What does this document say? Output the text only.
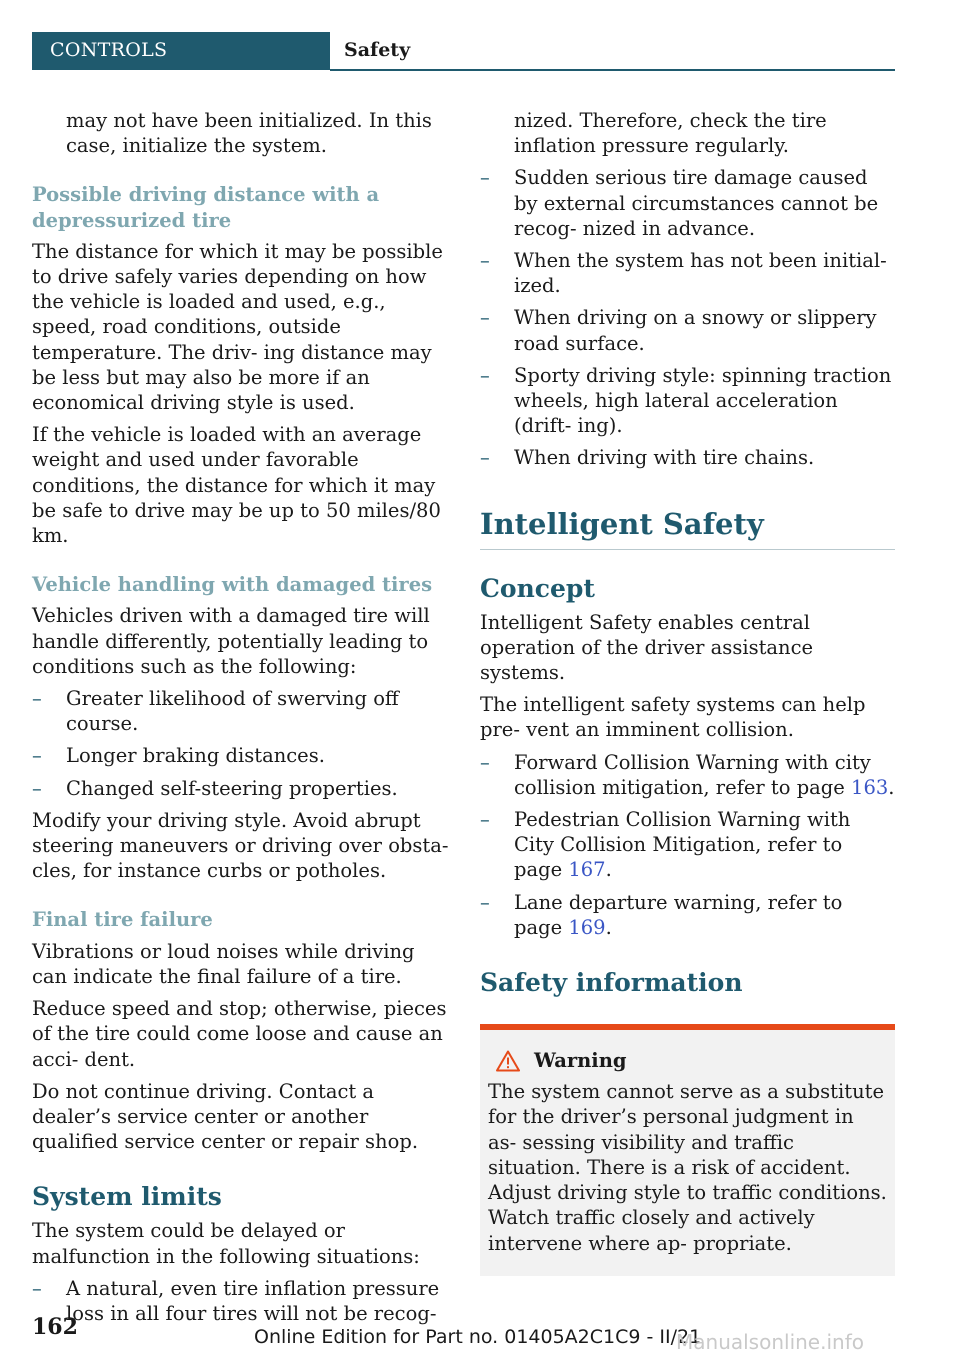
CONTROLS	Safety

may not have been initialized. In this case, initialize the system.

Possible driving distance with a depressurized tire

The distance for which it may be possible to drive safely varies depending on how the vehicle is loaded and used, e.g., speed, road conditions, outside temperature. The driv‐ ing distance may be less but may also be more if an economical driving style is used.

If the vehicle is loaded with an average weight and used under favorable conditions, the distance for which it may be safe to drive may be up to 50 miles/80 km.

Vehicle handling with damaged tires

Vehicles driven with a damaged tire will handle differently, potentially leading to conditions such as the following:

– Greater likelihood of swerving off course.
– Longer braking distances.
– Changed self-steering properties.

Modify your driving style. Avoid abrupt steering maneuvers or driving over obsta‐ cles, for instance curbs or potholes.

Final tire failure

Vibrations or loud noises while driving can indicate the final failure of a tire.

Reduce speed and stop; otherwise, pieces of the tire could come loose and cause an acci‐ dent.

Do not continue driving. Contact a dealer’s service center or another qualified service center or repair shop.

System limits

The system could be delayed or malfunction in the following situations:

– A natural, even tire inflation pressure loss in all four tires will not be recog‐

nized. Therefore, check the tire inflation pressure regularly.

– Sudden serious tire damage caused by external circumstances cannot be recog‐ nized in advance.
– When the system has not been initial‐ ized.
– When driving on a snowy or slippery road surface.
– Sporty driving style: spinning traction wheels, high lateral acceleration (drift‐ ing).
– When driving with tire chains.
Intelligent Safety
Concept

Intelligent Safety enables central operation of the driver assistance systems.

The intelligent safety systems can help pre‐ vent an imminent collision.

– Forward Collision Warning with city collision mitigation, refer to page 163.
– Pedestrian Collision Warning with City Collision Mitigation, refer to page 167.
– Lane departure warning, refer to page 169.
Safety information
Warning

The system cannot serve as a substitute for the driver’s personal judgment in as‐ sessing visibility and traffic situation. There is a risk of accident. Adjust driving style to traffic conditions. Watch traffic closely and actively intervene where ap‐ propriate.

162	Online Edition for Part no. 01405A2C1C9 - II/21
Manualsonline.info
